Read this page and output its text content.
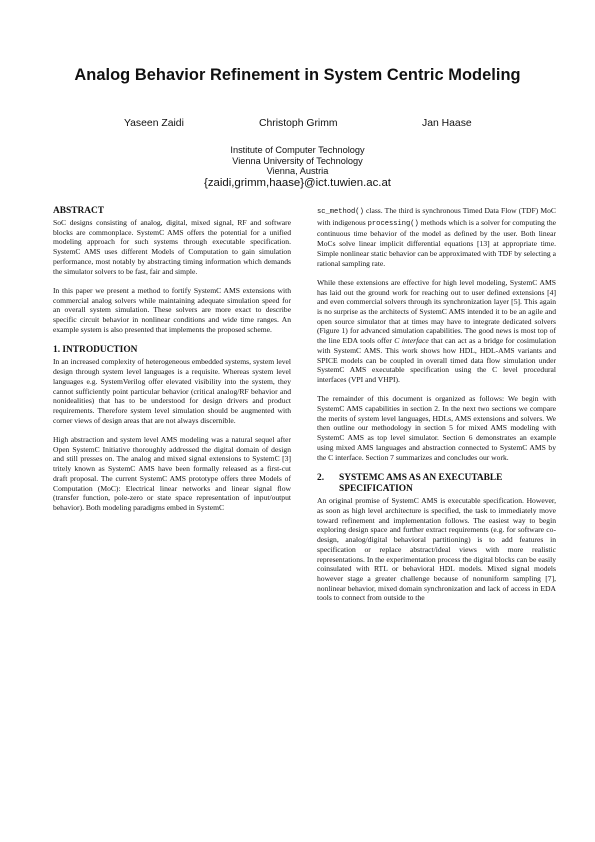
Analog Behavior Refinement in System Centric Modeling
Yaseen Zaidi	Christoph Grimm	Jan Haase
Institute of Computer Technology
Vienna University of Technology
Vienna, Austria
{zaidi,grimm,haase}@ict.tuwien.ac.at
ABSTRACT

SoC designs consisting of analog, digital, mixed signal, RF and software blocks are commonplace. SystemC AMS offers the potential for a unified modeling approach for such systems through executable specification. SystemC AMS uses different Models of Computation to gain simulation performance, most notably by abstracting timing information which demands the simulator solvers to be fast, fair and simple.

In this paper we present a method to fortify SystemC AMS extensions with commercial analog solvers while maintaining adequate simulation speed for an overall system simulation. These solvers are more exact to describe specific circuit behavior in nonlinear conditions and wide time ranges. An example system is also presented that implements the proposed scheme.

1. INTRODUCTION

In an increased complexity of heterogeneous embedded systems, system level design through system level languages is a requisite. Whereas system level languages e.g. SystemVerilog offer elevated visibility into the system, they cannot sufficiently point particular behavior (critical analog/RF behavior and nonidealities) that has to be understood for design drivers and product requirements. Therefore system level simulation should be augmented with corner views of design areas that are not always discernible.

High abstraction and system level AMS modeling was a natural sequel after Open SystemC Initiative thoroughly addressed the digital domain of design and still presses on. The analog and mixed signal extensions to SystemC [3] tritely known as SystemC AMS have been formally released as a first-cut draft proposal. The current SystemC AMS prototype offers three Models of Computation (MoC): Electrical linear networks and linear signal flow (transfer function, pole-zero or state space representation of input/output behavior). Both modeling paradigms embed in SystemC

sc_method() class. The third is synchronous Timed Data Flow (TDF) MoC with indigenous processing() methods which is a solver for computing the continuous time behavior of the model as defined by the user. Both linear MoCs solve linear implicit differential equations [13] at appropriate time. Simple nonlinear static behavior can be approximated with TDF by selecting a rational sampling rate.

While these extensions are effective for high level modeling, SystemC AMS has laid out the ground work for reaching out to user defined extensions [4] and even commercial solvers through its synchronization layer [5]. This again is no surprise as the architects of SystemC AMS intended it to be an agile and open source simulator that at times may have to integrate dedicated solvers (Figure 1) for advanced simulation capabilities. The good news is most top of the line EDA tools offer C interface that can act as a bridge for cosimulation with SystemC AMS. This work shows how HDL, HDL-AMS variants and SPICE models can be coupled in overall timed data flow simulation under SystemC AMS executable specification using the C level procedural interfaces (VPI and VHPI).

The remainder of this document is organized as follows: We begin with SystemC AMS capabilities in section 2. In the next two sections we compare the merits of system level languages, HDLs, AMS extensions and solvers. We then outline our methodology in section 5 for mixed AMS modeling with SystemC AMS as top level simulator. Section 6 demonstrates an example using mixed AMS languages and abstraction connected to SystemC AMS by the C interface. Section 7 summarizes and concludes our work.

2. SYSTEMC AMS AS AN EXECUTABLE
SPECIFICATION

An original promise of SystemC AMS is executable specification. However, as soon as high level architecture is specified, the task to immediately move toward refinement and implementation follows. The easiest way to begin exploring design space and further extract requirements (e.g. for software co-design, analog/digital behavioral partitioning) is to add features in specification or replace abstract/ideal views with more realistic representations. In the experimentation process the digital blocks can be easily coinsulated with RTL or behavioral HDL models. Mixed signal models however stage a greater challenge because of nonuniform sampling [7], nonlinear behavior, mixed domain synchronization and lack of access in EDA tools to connect from outside to the
